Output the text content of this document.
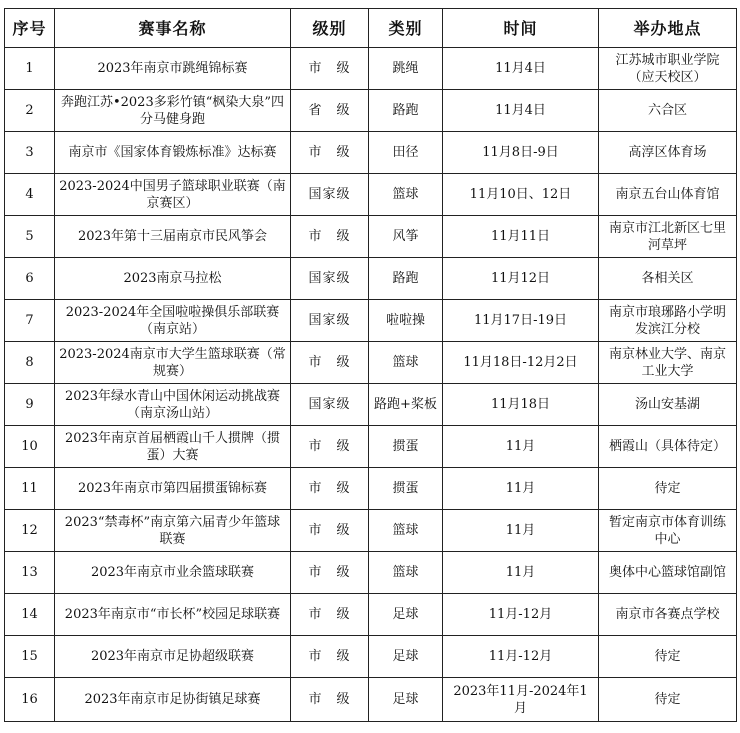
序号	赛事名称	级别	类别	时间	举办地点
1	2023年南京市跳绳锦标赛	市　级	跳绳	11月4日	江苏城市职业学院（应天校区）
2	奔跑江苏•2023多彩竹镇“枫染大泉”四分马健身跑	省　级	路跑	11月4日	六合区
3	南京市《国家体育锻炼标准》达标赛	市　级	田径	11月8日-9日	高淳区体育场
4	2023-2024中国男子篮球职业联赛（南京赛区）	国家级	篮球	11月10日、12日	南京五台山体育馆
5	2023年第十三届南京市民风筝会	市　级	风筝	11月11日	南京市江北新区七里河草坪
6	2023南京马拉松	国家级	路跑	11月12日	各相关区
7	2023-2024年全国啦啦操俱乐部联赛（南京站）	国家级	啦啦操	11月17日-19日	南京市琅琊路小学明发滨江分校
8	2023-2024南京市大学生篮球联赛（常规赛）	市　级	篮球	11月18日-12月2日	南京林业大学、南京工业大学
9	2023年绿水青山中国休闲运动挑战赛（南京汤山站）	国家级	路跑+桨板	11月18日	汤山安基湖
10	2023年南京首届栖霞山千人掼牌（掼蛋）大赛	市　级	掼蛋	11月	栖霞山（具体待定）
11	2023年南京市第四届掼蛋锦标赛	市　级	掼蛋	11月	待定
12	2023“禁毒杯”南京第六届青少年篮球联赛	市　级	篮球	11月	暂定南京市体育训练中心
13	2023年南京市业余篮球联赛	市　级	篮球	11月	奥体中心篮球馆副馆
14	2023年南京市“市长杯”校园足球联赛	市　级	足球	11月-12月	南京市各赛点学校
15	2023年南京市足协超级联赛	市　级	足球	11月-12月	待定
16	2023年南京市足协街镇足球赛	市　级	足球	2023年11月-2024年1月	待定
